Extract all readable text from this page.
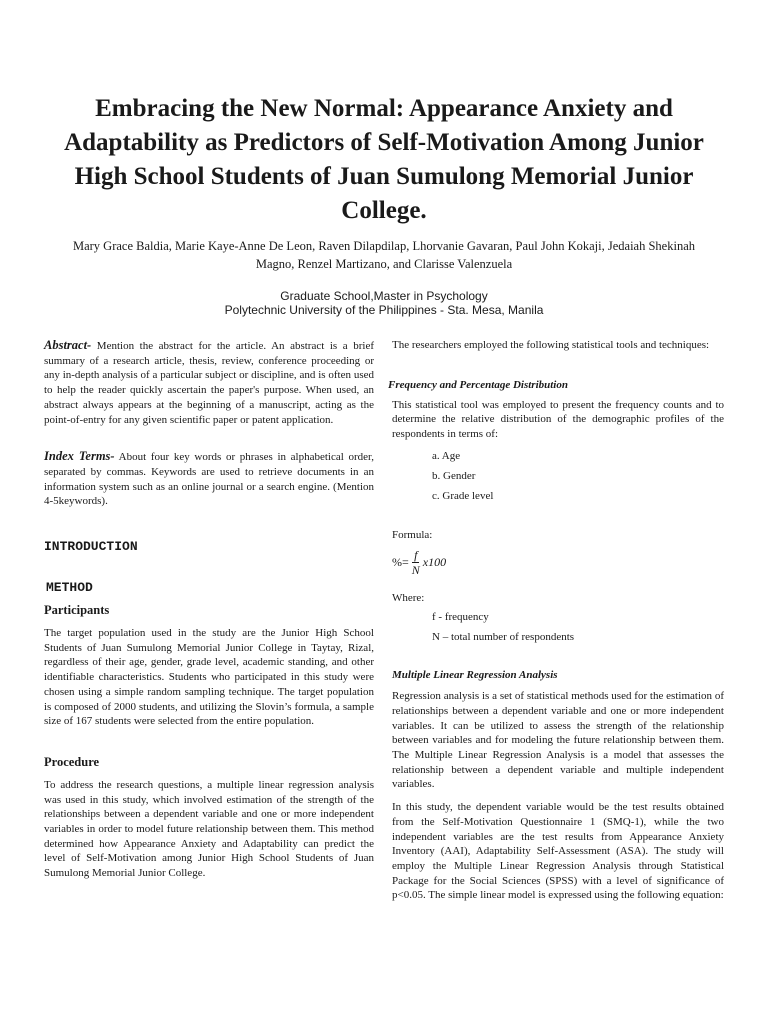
Embracing the New Normal: Appearance Anxiety and Adaptability as Predictors of Self-Motivation Among Junior High School Students of Juan Sumulong Memorial Junior College.

Mary Grace Baldia, Marie Kaye-Anne De Leon, Raven Dilapdilap, Lhorvanie Gavaran, Paul John Kokaji, Jedaiah Shekinah Magno, Renzel Martizano, and Clarisse Valenzuela

Graduate School,Master in Psychology
Polytechnic University of the Philippines - Sta. Mesa, Manila

Abstract- Mention the abstract for the article. An abstract is a brief summary of a research article, thesis, review, conference proceeding or any in-depth analysis of a particular subject or discipline, and is often used to help the reader quickly ascertain the paper's purpose. When used, an abstract always appears at the beginning of a manuscript, acting as the point-of-entry for any given scientific paper or patent application.

Index Terms- About four key words or phrases in alphabetical order, separated by commas. Keywords are used to retrieve documents in an information system such as an online journal or a search engine. (Mention 4-5keywords).

INTRODUCTION
METHOD
Participants

The target population used in the study are the Junior High School Students of Juan Sumulong Memorial Junior College in Taytay, Rizal, regardless of their age, gender, grade level, academic standing, and other identifiable characteristics. Students who participated in this study were chosen using a simple random sampling technique. The target population is composed of 2000 students, and utilizing the Slovin’s formula, a sample size of 167 students were selected from the entire population.

Procedure

To address the research questions, a multiple linear regression analysis was used in this study, which involved estimation of the strength of the relationships between a dependent variable and one or more independent variables in order to model future relationship between them. This method determined how Appearance Anxiety and Adaptability can predict the level of Self-Motivation among Junior High School Students of Juan Sumulong Memorial Junior College.

The researchers employed the following statistical tools and techniques:

Frequency and Percentage Distribution

This statistical tool was employed to present the frequency counts and to determine the relative distribution of the demographic profiles of the respondents in terms of:

a. Age
b. Gender
c. Grade level

Formula:

% = $\frac{f}{N} x100$

Where:

f - frequency
N – total number of respondents
Multiple Linear Regression Analysis

Regression analysis is a set of statistical methods used for the estimation of relationships between a dependent variable and one or more independent variables. It can be utilized to assess the strength of the relationship between variables and for modeling the future relationship between them. The Multiple Linear Regression Analysis is a model that assesses the relationship between a dependent variable and multiple independent variables.

In this study, the dependent variable would be the test results obtained from the Self-Motivation Questionnaire 1 (SMQ-1), while the two independent variables are the test results from Appearance Anxiety Inventory (AAI), Adaptability Self-Assessment (ASA). The study will employ the Multiple Linear Regression Analysis through Statistical Package for the Social Sciences (SPSS) with a level of significance of p<0.05. The simple linear model is expressed using the following equation:
